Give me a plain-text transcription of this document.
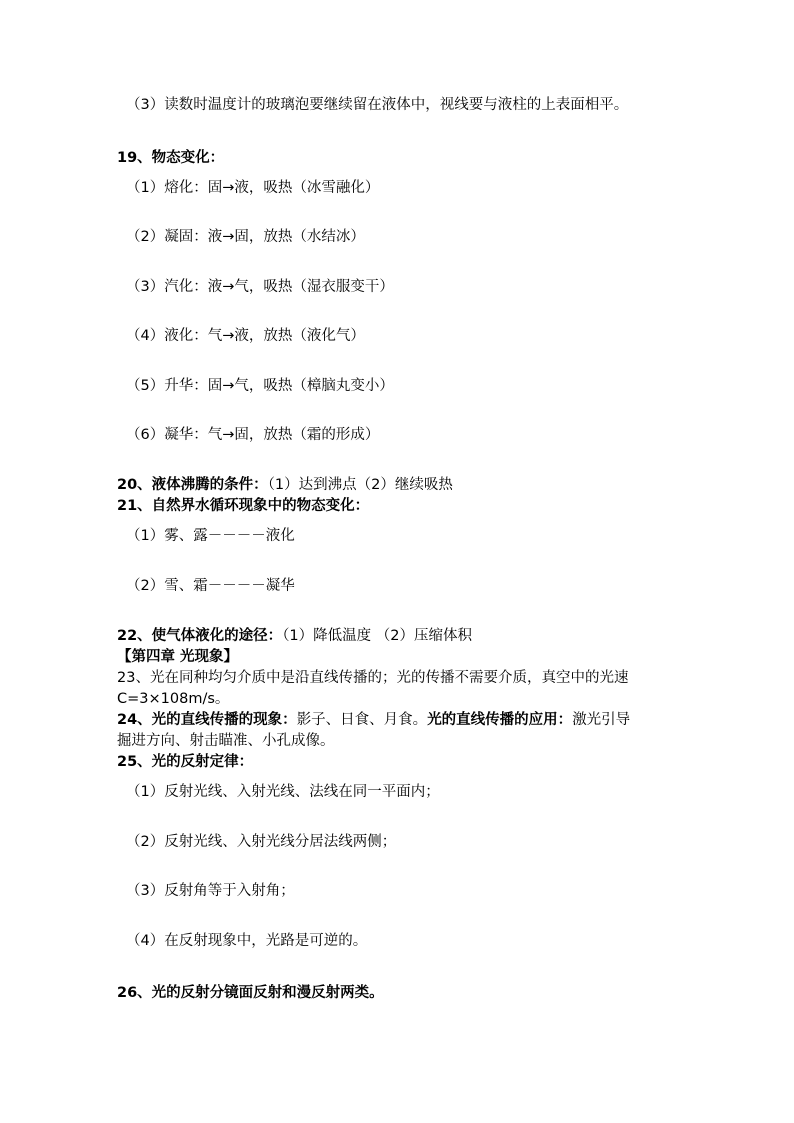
（3）读数时温度计的玻璃泡要继续留在液体中，视线要与液柱的上表面相平。

19、物态变化：

（1）熔化：固→液，吸热（冰雪融化）

（2）凝固：液→固，放热（水结冰）

（3）汽化：液→气，吸热（湿衣服变干）

（4）液化：气→液，放热（液化气）

（5）升华：固→气，吸热（樟脑丸变小）

（6）凝华：气→固，放热（霜的形成）

20、液体沸腾的条件：（1）达到沸点（2）继续吸热

21、自然界水循环现象中的物态变化：

（1）雾、露－－－－液化

（2）雪、霜－－－－凝华

22、使气体液化的途径：（1）降低温度 （2）压缩体积

【第四章 光现象】

23、光在同种均匀介质中是沿直线传播的；光的传播不需要介质，真空中的光速

C=3×108m/s。

24、光的直线传播的现象：影子、日食、月食。光的直线传播的应用：激光引导

掘进方向、射击瞄准、小孔成像。

25、光的反射定律：

（1）反射光线、入射光线、法线在同一平面内；

（2）反射光线、入射光线分居法线两侧；

（3）反射角等于入射角；

（4）在反射现象中，光路是可逆的。

26、光的反射分镜面反射和漫反射两类。
